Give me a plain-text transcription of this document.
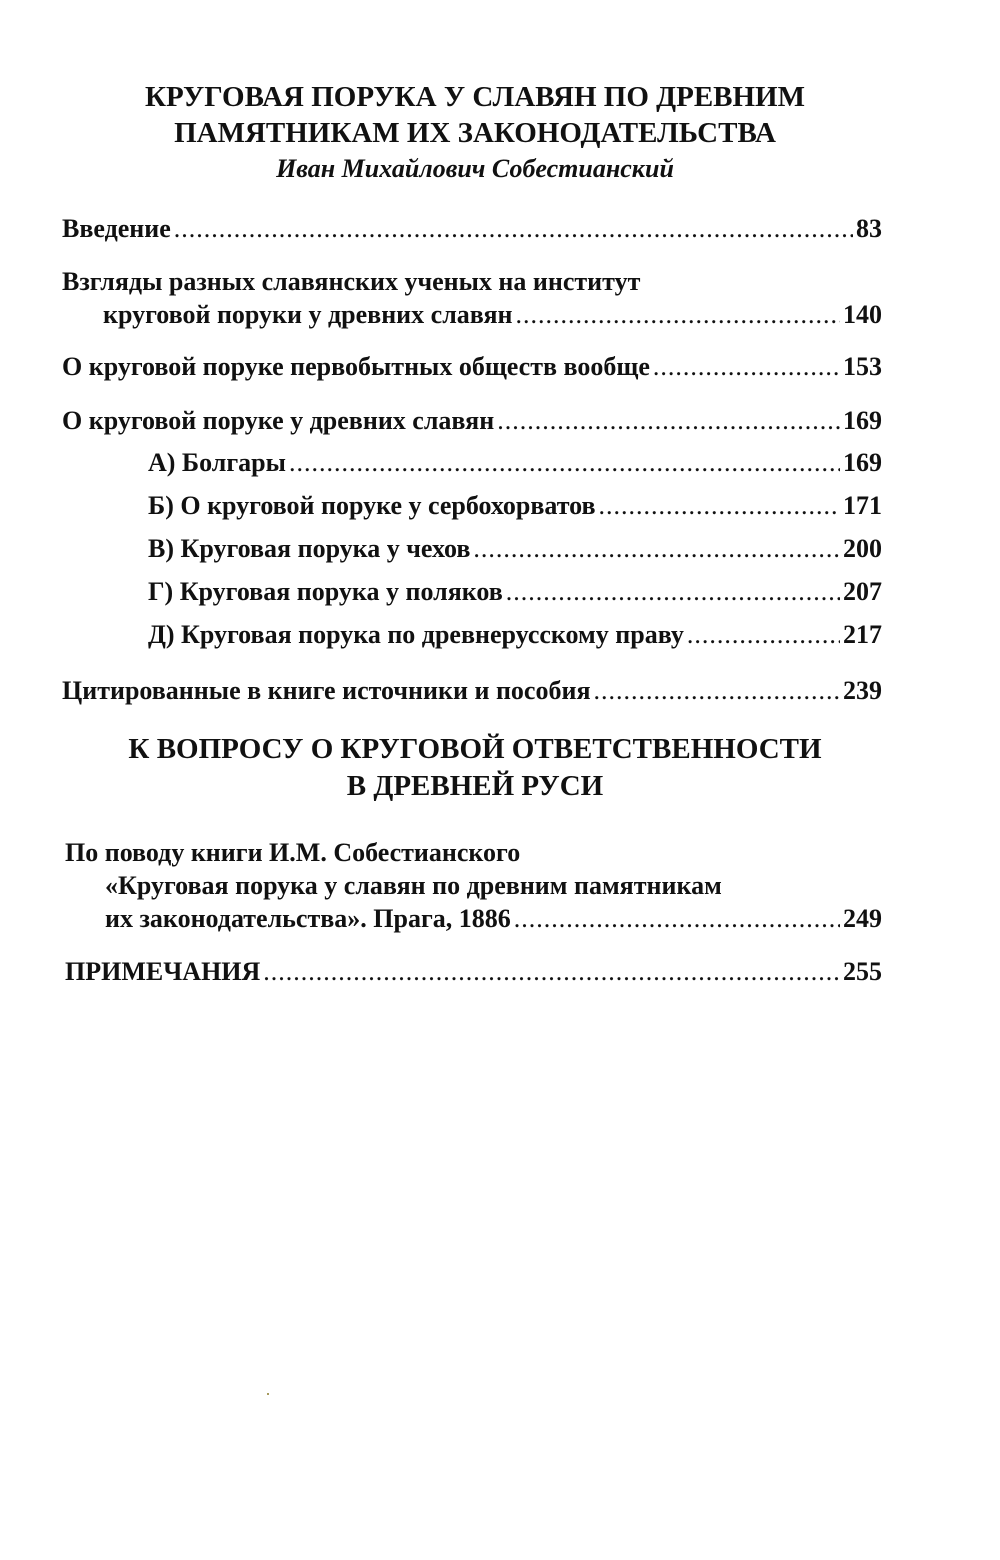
КРУГОВАЯ ПОРУКА У СЛАВЯН ПО ДРЕВНИМ
ПАМЯТНИКАМ ИХ ЗАКОНОДАТЕЛЬСТВА
Иван Михайлович Собестианский
Введение .....	83
Взгляды разных славянских ученых на институт
круговой поруки у древних славян .....	140
О круговой поруке первобытных обществ вообще .....	153
О круговой поруке у древних славян .....	169
А) Болгары .....	169
Б) О круговой поруке у сербохорватов .....	171
В) Круговая порука у чехов .....	200
Г) Круговая порука у поляков .....	207
Д) Круговая порука по древнерусскому праву .....	217
Цитированные в книге источники и пособия .....	239
К ВОПРОСУ О КРУГОВОЙ ОТВЕТСТВЕННОСТИ
В ДРЕВНЕЙ РУСИ
По поводу книги И.М. Собестианского
«Круговая порука у славян по древним памятникам
их законодательства». Прага, 1886 .....	249
ПРИМЕЧАНИЯ .....	255
